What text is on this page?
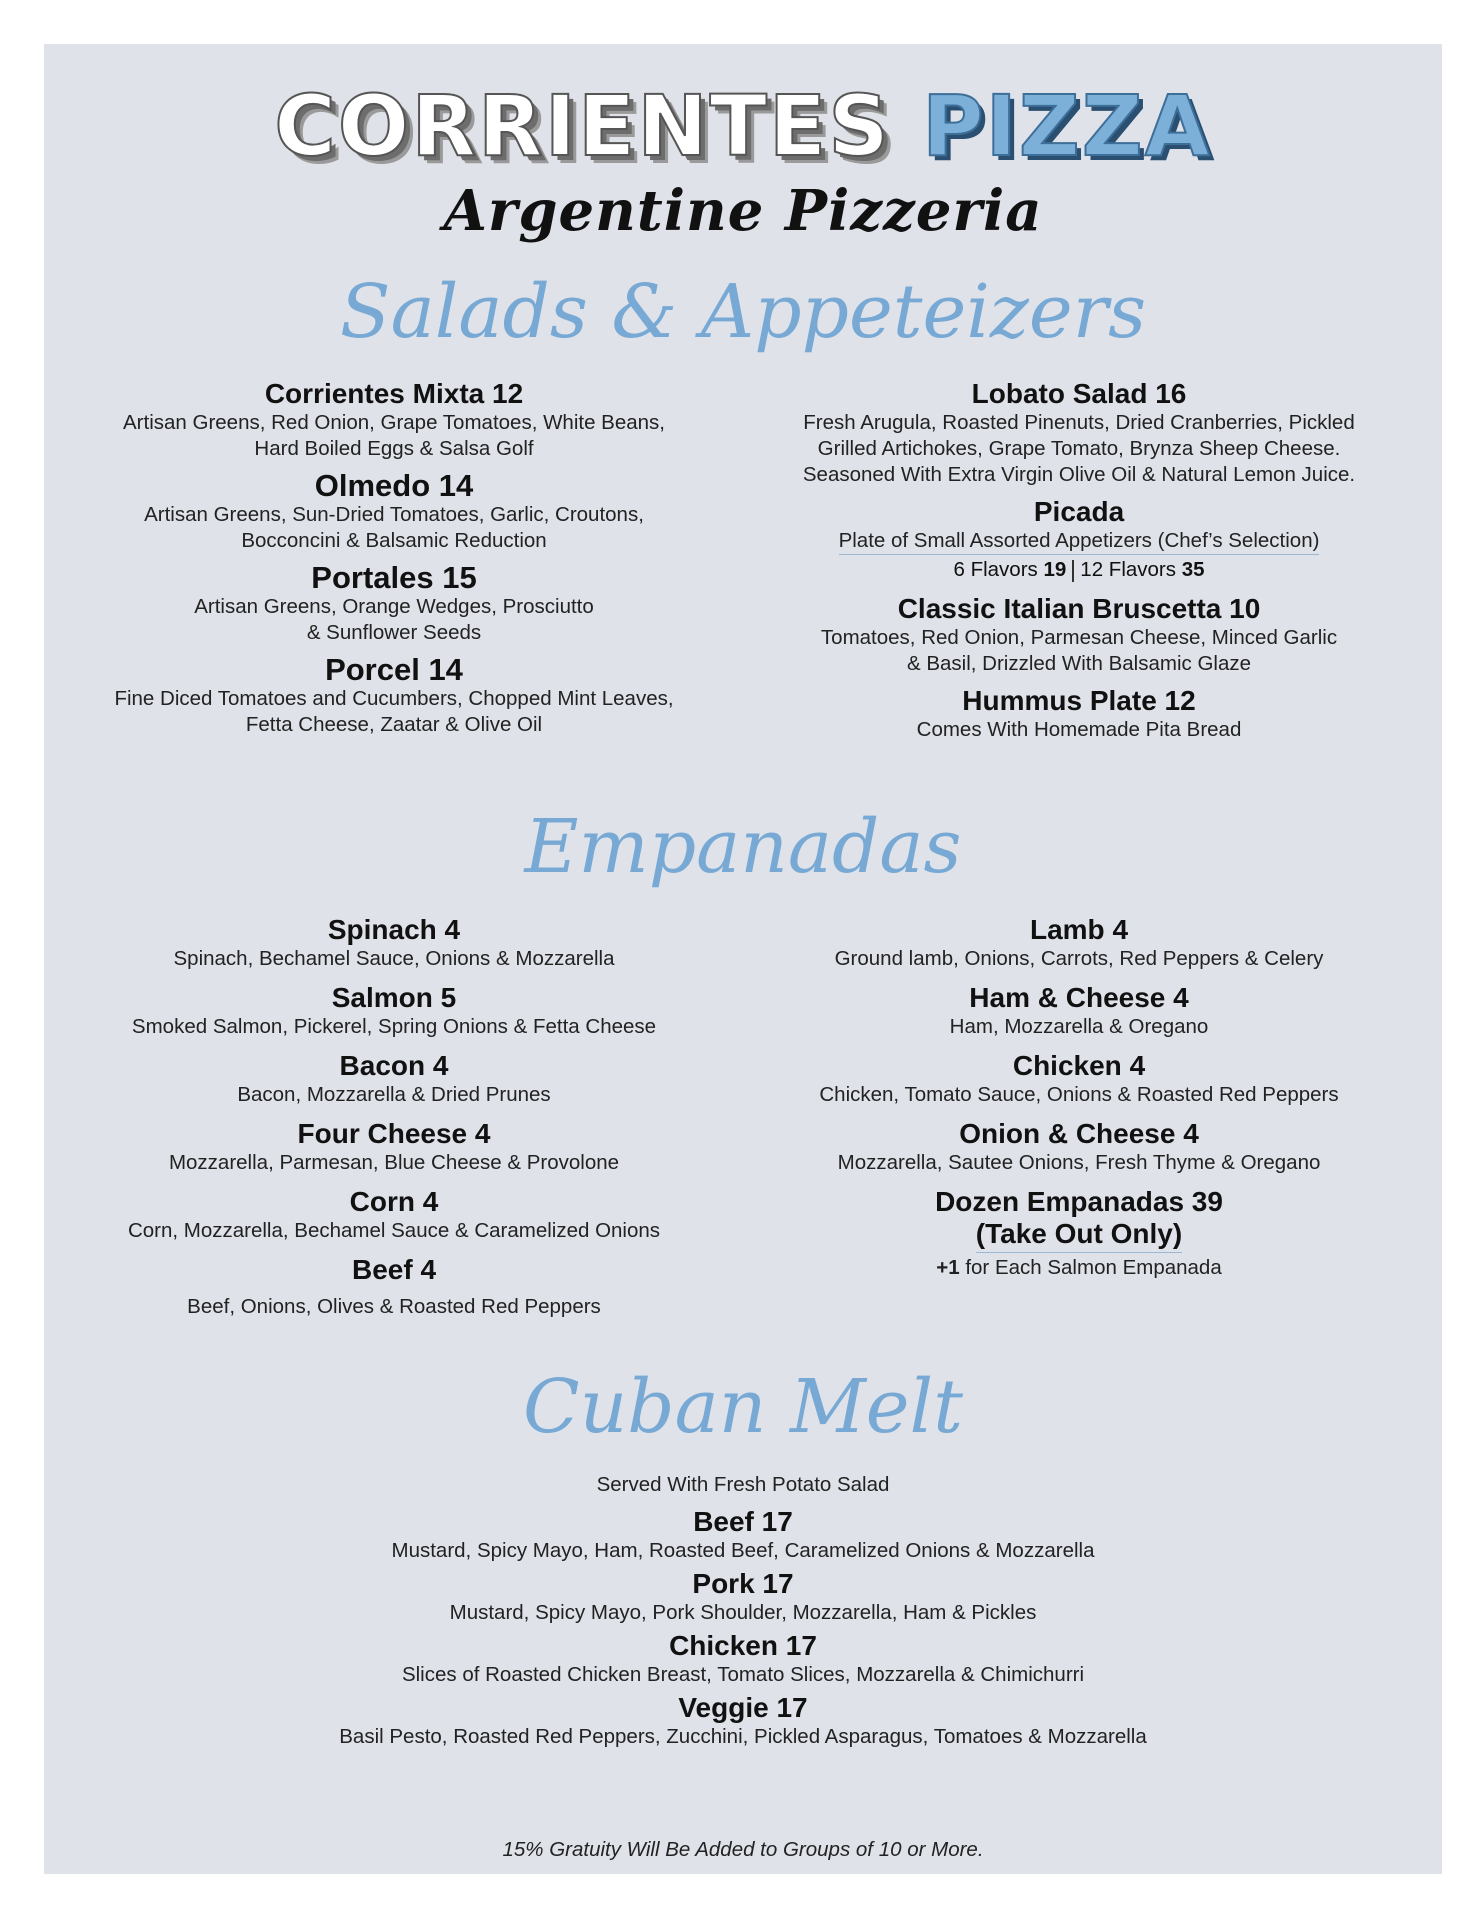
CORRIENTES PIZZA
Argentine Pizzeria
Salads & Appeteizers
Corrientes Mixta 12
Artisan Greens, Red Onion, Grape Tomatoes, White Beans,
Hard Boiled Eggs & Salsa Golf
Olmedo 14
Artisan Greens, Sun-Dried Tomatoes, Garlic, Croutons,
Bocconcini & Balsamic Reduction
Portales 15
Artisan Greens, Orange Wedges, Prosciutto
& Sunflower Seeds
Porcel 14
Fine Diced Tomatoes and Cucumbers, Chopped Mint Leaves,
Fetta Cheese, Zaatar & Olive Oil
Lobato Salad 16
Fresh Arugula, Roasted Pinenuts, Dried Cranberries, Pickled
Grilled Artichokes, Grape Tomato, Brynza Sheep Cheese.
Seasoned With Extra Virgin Olive Oil & Natural Lemon Juice.
Picada
Plate of Small Assorted Appetizers (Chef’s Selection)
6 Flavors 19 12 Flavors 35
Classic Italian Bruscetta 10
Tomatoes, Red Onion, Parmesan Cheese, Minced Garlic
& Basil, Drizzled With Balsamic Glaze
Hummus Plate 12
Comes With Homemade Pita Bread
Empanadas
Spinach 4
Spinach, Bechamel Sauce, Onions & Mozzarella
Salmon 5
Smoked Salmon, Pickerel, Spring Onions & Fetta Cheese
Bacon 4
Bacon, Mozzarella & Dried Prunes
Four Cheese 4
Mozzarella, Parmesan, Blue Cheese & Provolone
Corn 4
Corn, Mozzarella, Bechamel Sauce & Caramelized Onions
Beef 4
Beef, Onions, Olives & Roasted Red Peppers
Lamb 4
Ground lamb, Onions, Carrots, Red Peppers & Celery
Ham & Cheese 4
Ham, Mozzarella & Oregano
Chicken 4
Chicken, Tomato Sauce, Onions & Roasted Red Peppers
Onion & Cheese 4
Mozzarella, Sautee Onions, Fresh Thyme & Oregano
Dozen Empanadas 39
(Take Out Only)
+1 for Each Salmon Empanada
Cuban Melt
Served With Fresh Potato Salad
Beef 17
Mustard, Spicy Mayo, Ham, Roasted Beef, Caramelized Onions & Mozzarella
Pork 17
Mustard, Spicy Mayo, Pork Shoulder, Mozzarella, Ham & Pickles
Chicken 17
Slices of Roasted Chicken Breast, Tomato Slices, Mozzarella & Chimichurri
Veggie 17
Basil Pesto, Roasted Red Peppers, Zucchini, Pickled Asparagus, Tomatoes & Mozzarella
15% Gratuity Will Be Added to Groups of 10 or More.
